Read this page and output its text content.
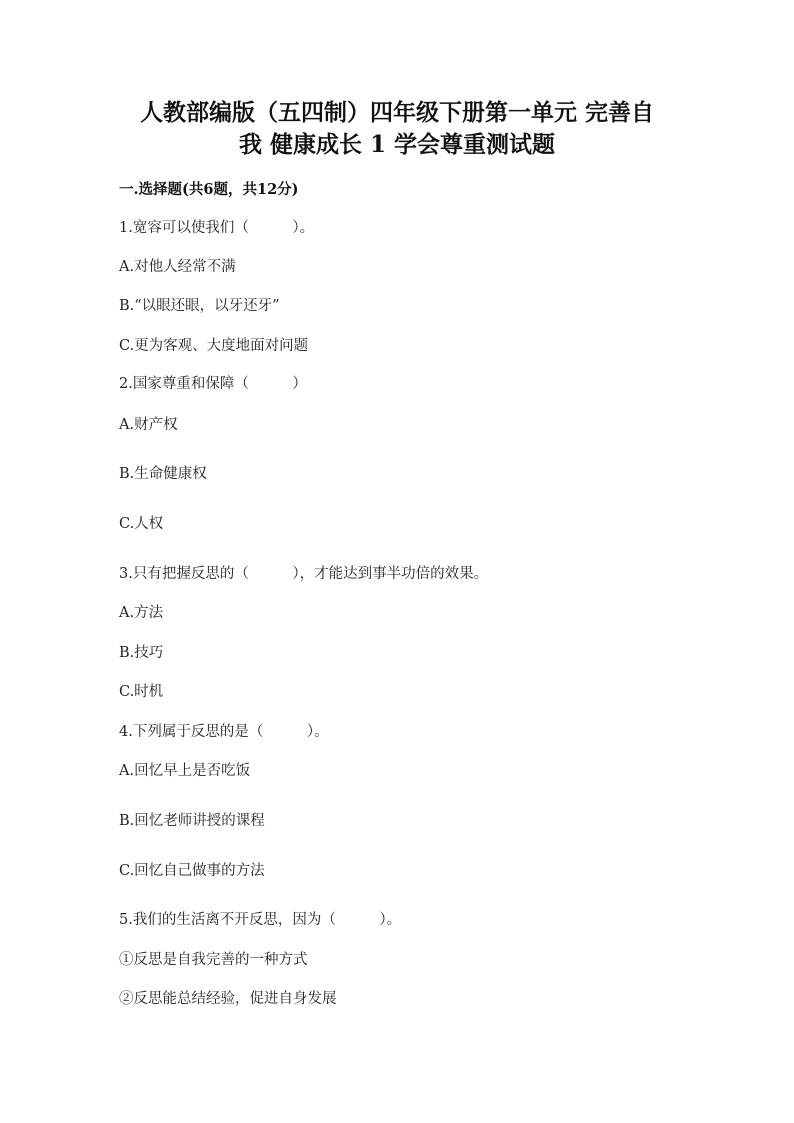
人教部编版（五四制）四年级下册第一单元 完善自
我 健康成长 1 学会尊重测试题
一.选择题(共6题，共12分)
1.宽容可以使我们（　　　）。
A.对他人经常不满
B.“以眼还眼，以牙还牙”
C.更为客观、大度地面对问题
2.国家尊重和保障（　　　）
A.财产权
B.生命健康权
C.人权
3.只有把握反思的（　　　），才能达到事半功倍的效果。
A.方法
B.技巧
C.时机
4.下列属于反思的是（　　　）。
A.回忆早上是否吃饭
B.回忆老师讲授的课程
C.回忆自己做事的方法
5.我们的生活离不开反思，因为（　　　）。
①反思是自我完善的一种方式
②反思能总结经验，促进自身发展
